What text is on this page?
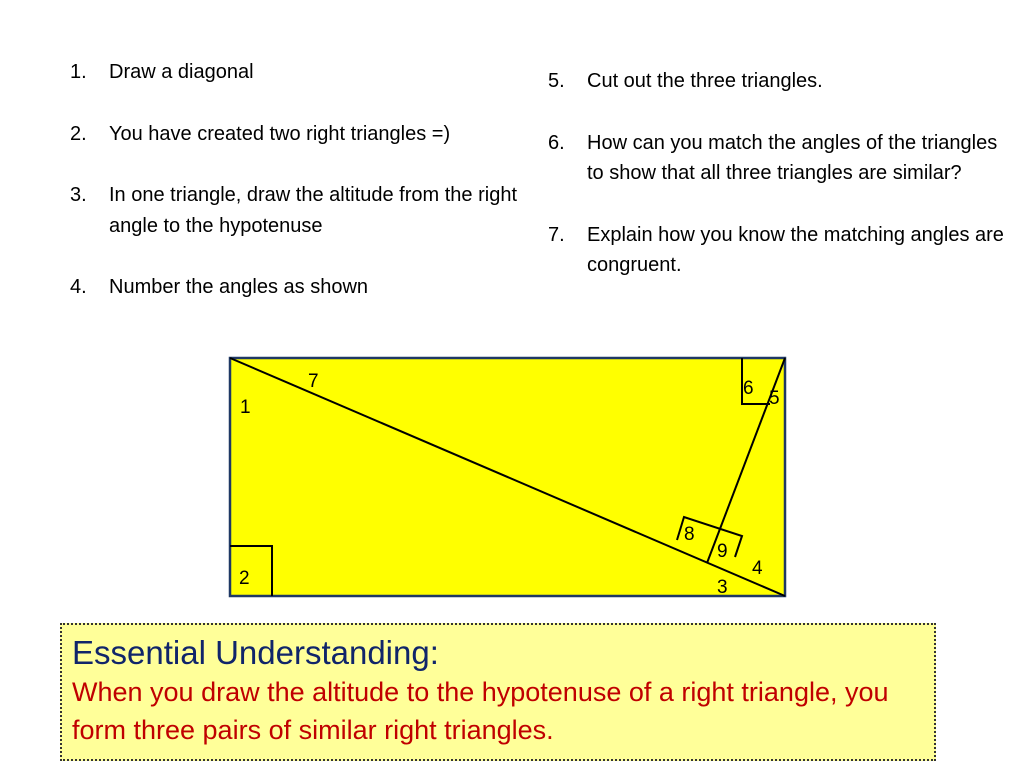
1. Draw a diagonal
2. You have created two right triangles =)
3. In one triangle, draw the altitude from the right angle to the hypotenuse
4. Number the angles as shown
5. Cut out the three triangles.
6. How can you match the angles of the triangles to show that all three triangles are similar?
7. Explain how you know the matching angles are congruent.
7
1
6 5
8
9
4
3
2
Essential Understanding:
When you draw the altitude to the hypotenuse of a right triangle, you form three pairs of similar right triangles.
